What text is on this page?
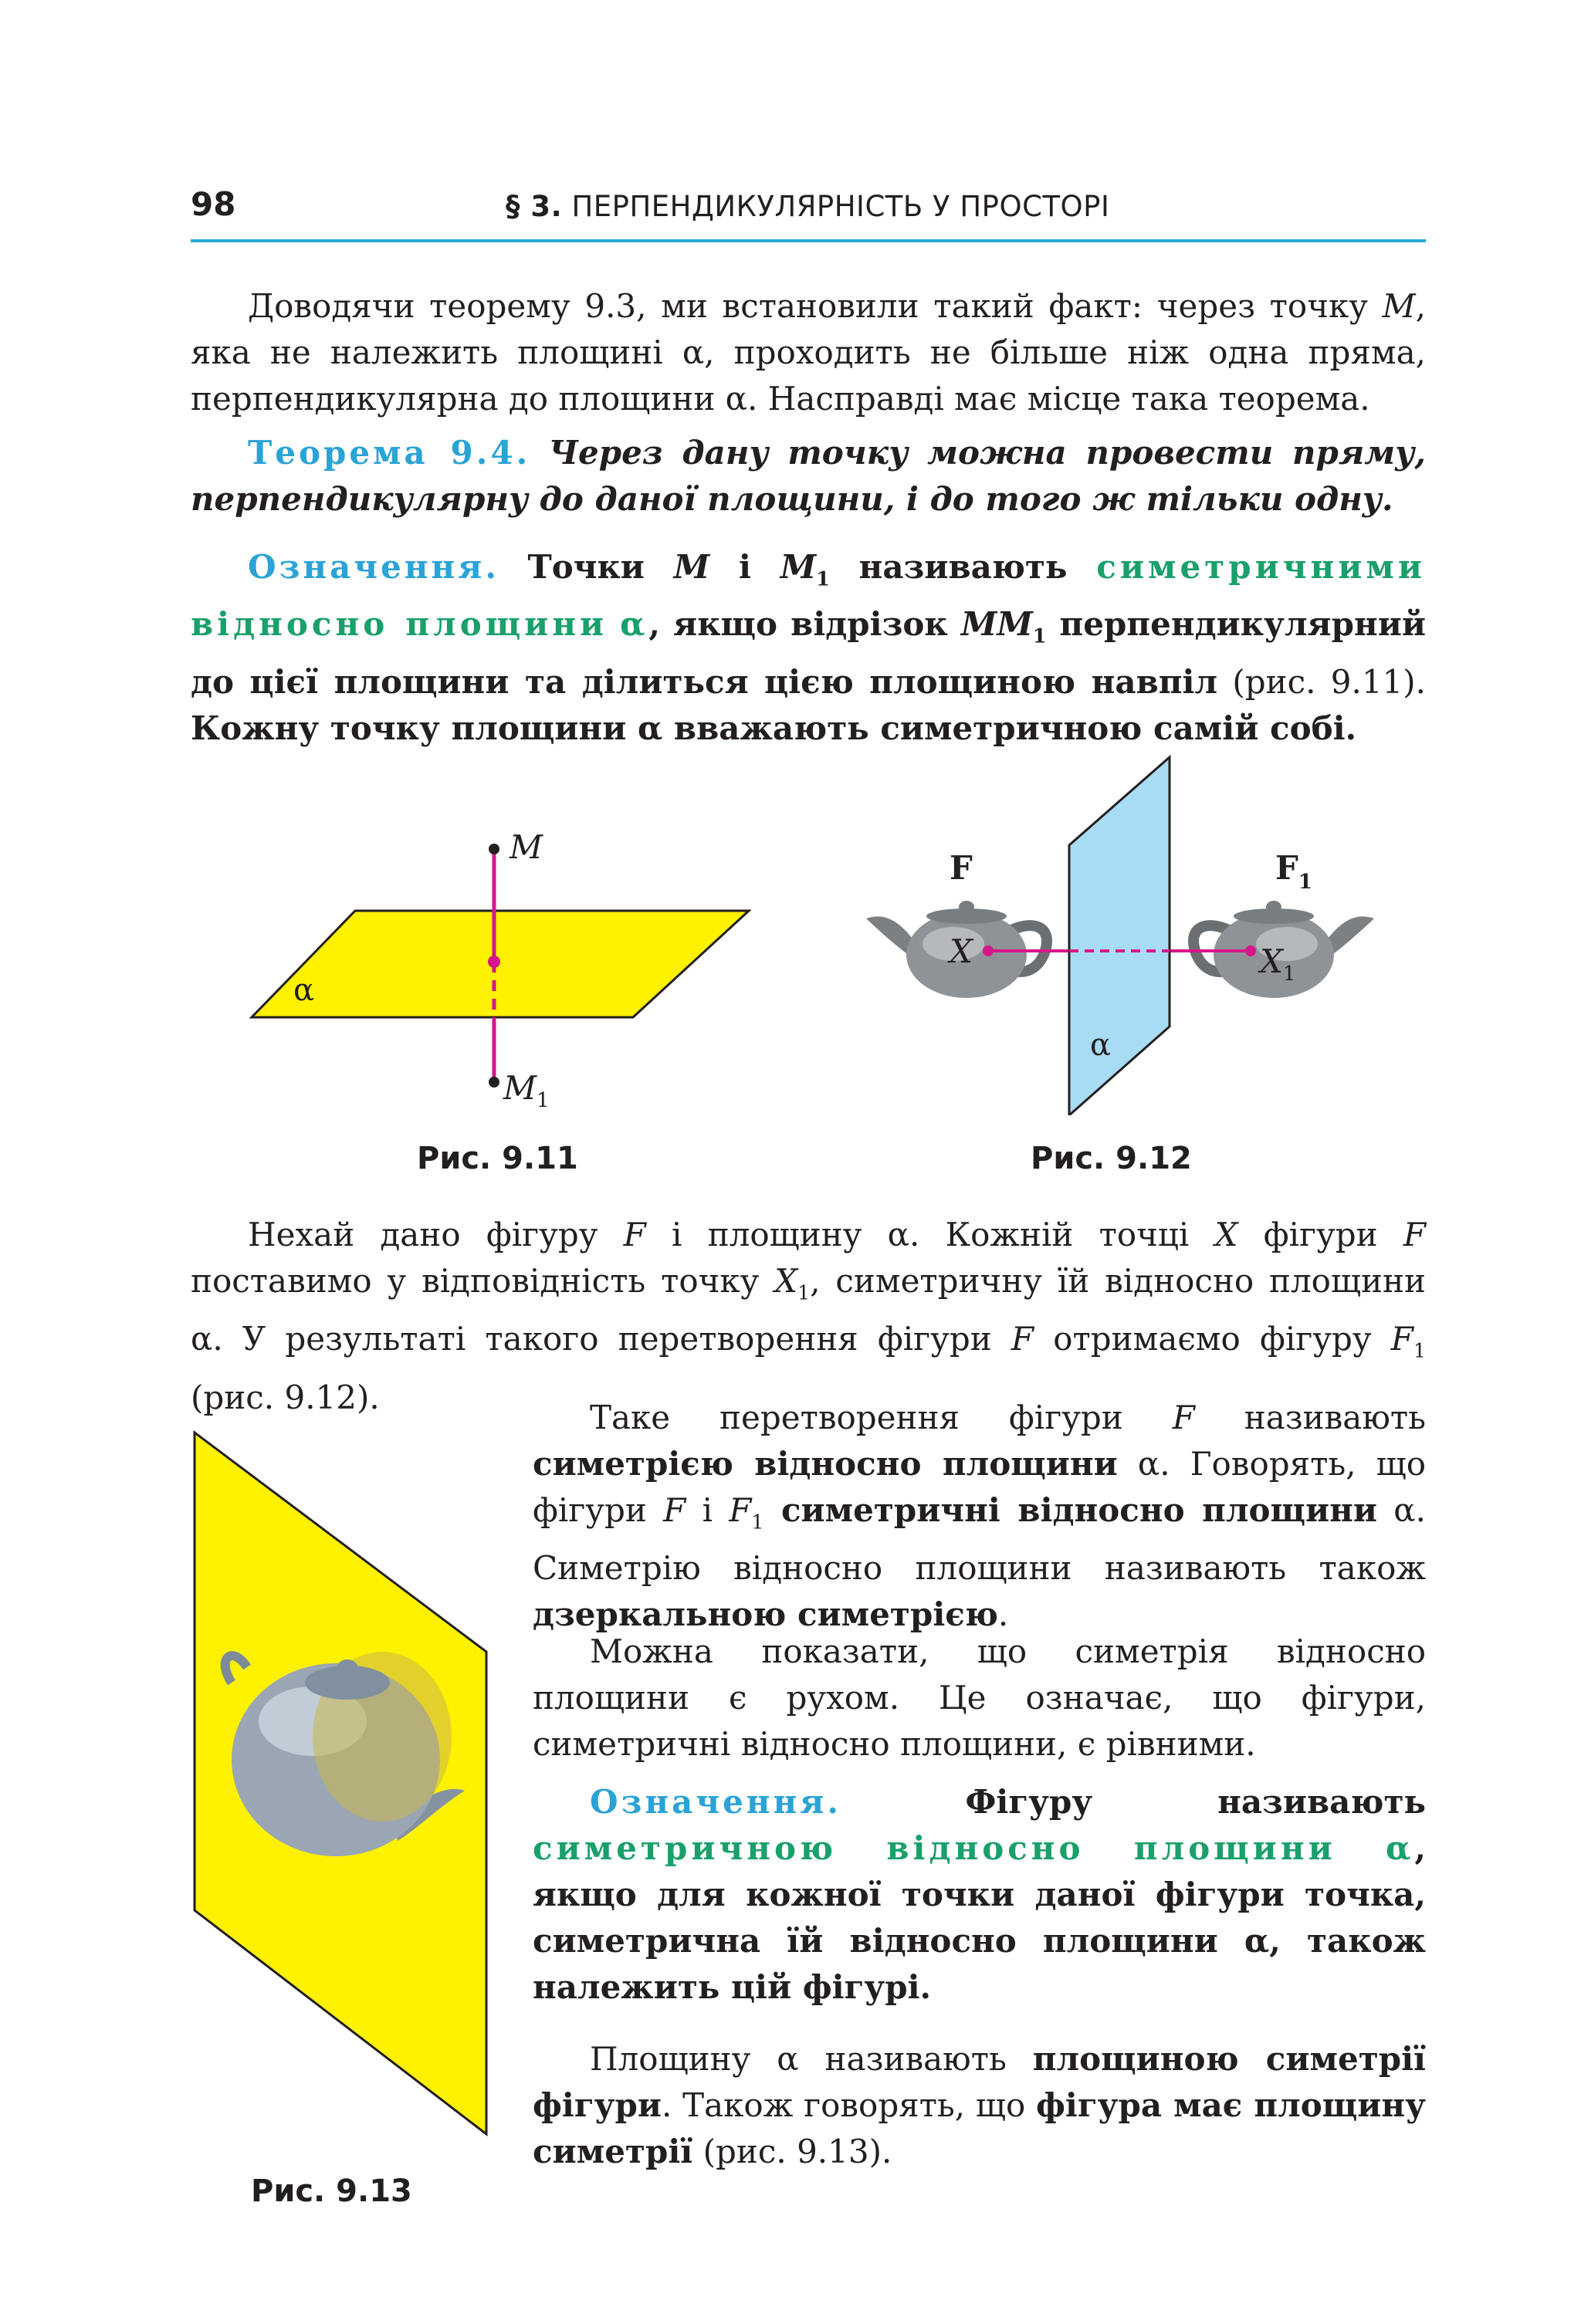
98	§ 3. ПЕРПЕНДИКУЛЯРНІСТЬ У ПРОСТОРІ
Доводячи теорему 9.3, ми встановили такий факт: через точку M, яка не належить площині α, проходить не більше ніж одна пряма, перпендикулярна до площини α. Насправді має місце така теорема.
Теорема 9.4. Через дану точку можна провести пряму, перпендикулярну до даної площини, і до того ж тільки одну.
Означення. Точки M і $M_1$ називають симетричними відносно площини α, якщо відрізок $MM_1$ перпендикулярний до цієї площини та ділиться цією площиною навпіл (рис. 9.11). Кожну точку площини α вважають симетричною самій собі.
M
$M_1$
α
Рис. 9.11
F	$F_1$
X	$X_1$
α
Рис. 9.12
Нехай дано фігуру F і площину α. Кожній точці X фігури F поставимо у відповідність точку $X_1$, симетричну їй відносно площини α. У результаті такого перетворення фігури F отримаємо фігуру $F_1$ (рис. 9.12).
Рис. 9.13
Таке перетворення фігури F називають симетрією відносно площини α. Говорять, що фігури F і $F_1$ симетричні відносно площини α. Симетрію відносно площини називають також дзеркальною симетрією.
Можна показати, що симетрія відносно площини є рухом. Це означає, що фігури, симетричні відносно площини, є рівними.
Означення.	Фігуру називають симетричною відносно площини α, якщо для кожної точки даної фігури точка, симетрична їй відносно площини α, також належить цій фігурі.
Площину α називають площиною симетрії фігури. Також говорять, що фігура має площину симетрії (рис. 9.13).
